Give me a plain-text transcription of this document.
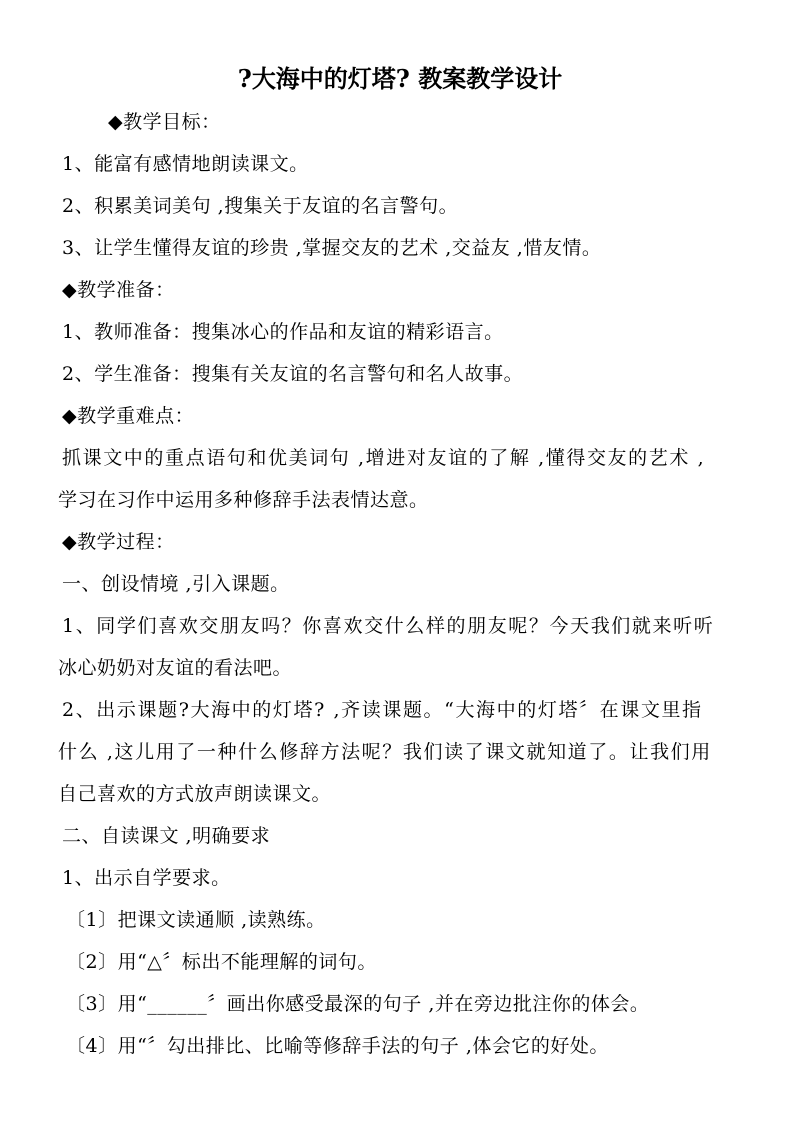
?大海中的灯塔? 教案教学设计
◆教学目标：
1、能富有感情地朗读课文。
2、积累美词美句 ,搜集关于友谊的名言警句。
3、让学生懂得友谊的珍贵 ,掌握交友的艺术 ,交益友 ,惜友情。
◆教学准备：
1、教师准备：搜集冰心的作品和友谊的精彩语言。
2、学生准备：搜集有关友谊的名言警句和名人故事。
◆教学重难点：
抓课文中的重点语句和优美词句 ,增进对友谊的了解 ,懂得交友的艺术 ,
学习在习作中运用多种修辞手法表情达意。
◆教学过程：
一、创设情境 ,引入课题。
1、同学们喜欢交朋友吗？你喜欢交什么样的朋友呢？今天我们就来听听
冰心奶奶对友谊的看法吧。
2、出示课题?大海中的灯塔? ,齐读课题。“大海中的灯塔〞在课文里指
什么 ,这儿用了一种什么修辞方法呢？我们读了课文就知道了。让我们用
自己喜欢的方式放声朗读课文。
二、自读课文 ,明确要求
1、出示自学要求。
〔1〕把课文读通顺 ,读熟练。
〔2〕用“△〞标出不能理解的词句。
〔3〕用“______〞画出你感受最深的句子 ,并在旁边批注你的体会。
〔4〕用“〞勾出排比、比喻等修辞手法的句子 ,体会它的好处。
